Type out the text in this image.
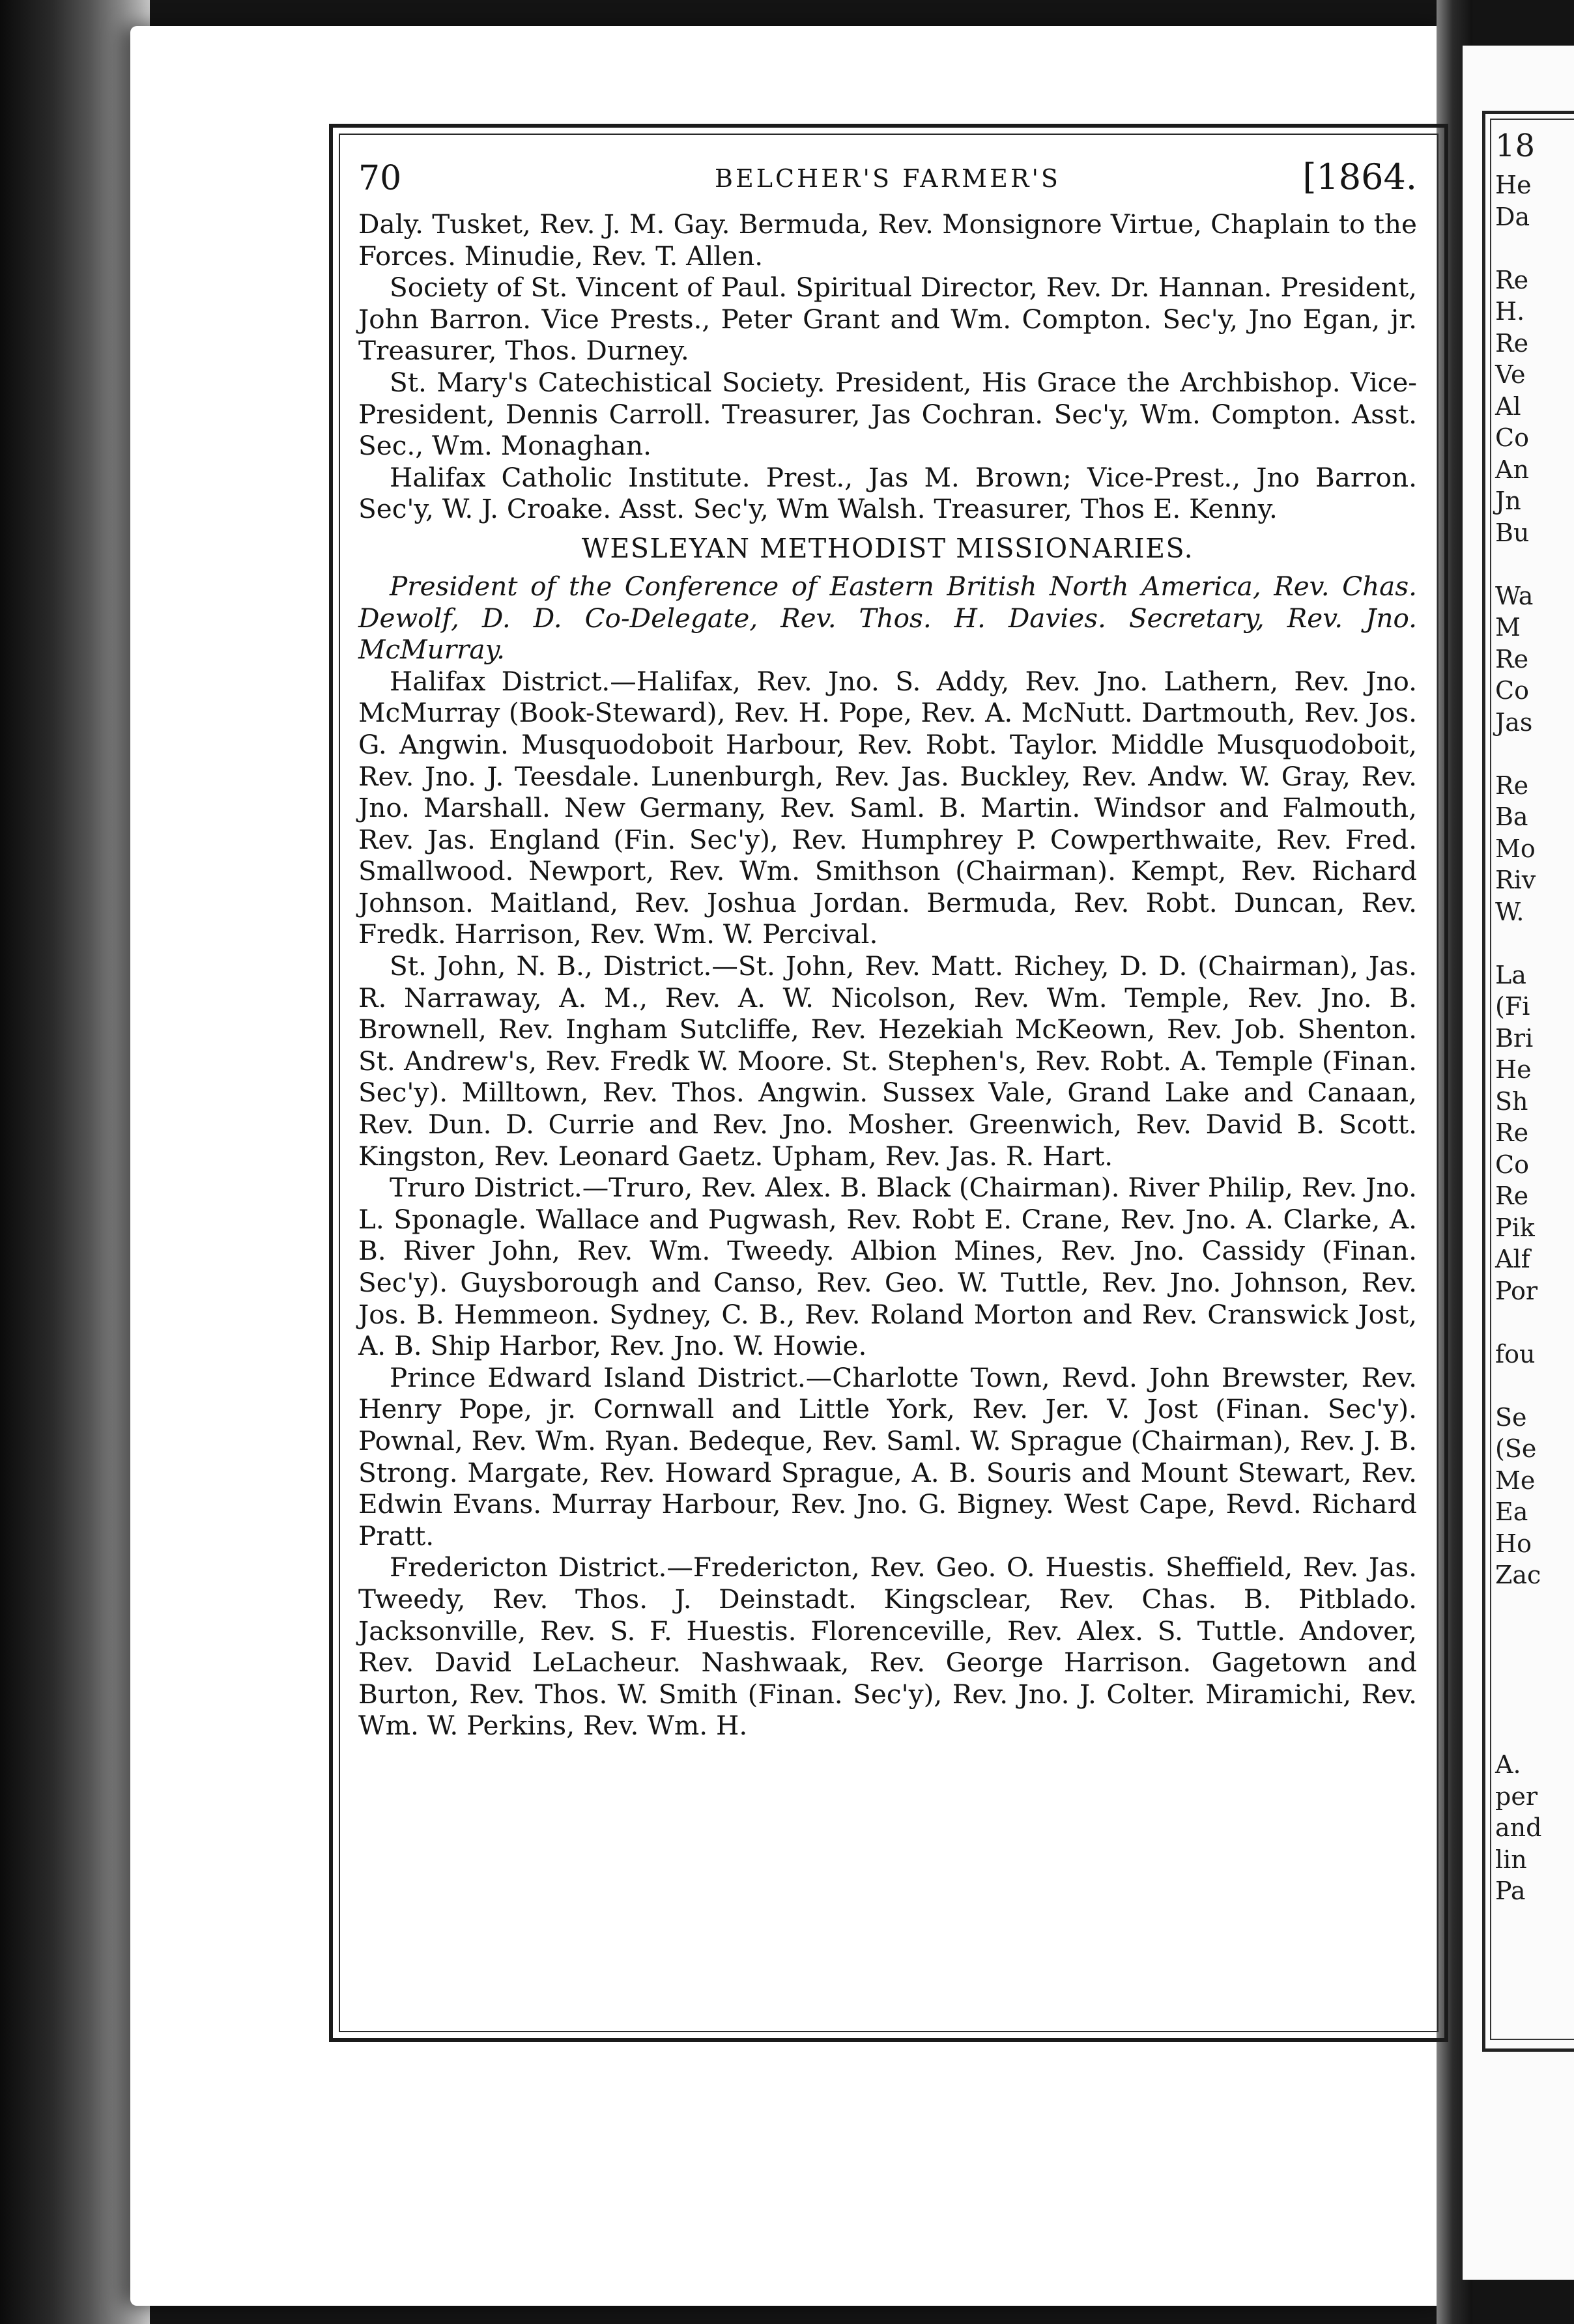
18
He
Da
Re
H.
Re
Ve
Al
Co
An
Jn
Bu
Wa
M
Re
Co
Jas
Re
Ba
Mo
Riv
W.
La
(Fi
Bri
He
Sh
Re
Co
Re
Pik
Alf
Por
fou
Se
(Se
Me
Ea
Ho
Zac
A.
per
and
lin
Pa
70	BELCHER'S FARMER'S	[1864.

Daly. Tusket, Rev. J. M. Gay. Bermuda, Rev. Monsignore Virtue, Chaplain to the Forces. Minudie, Rev. T. Allen.

Society of St. Vincent of Paul. Spiritual Director, Rev. Dr. Hannan. President, John Barron. Vice Prests., Peter Grant and Wm. Compton. Sec'y, Jno Egan, jr. Treasurer, Thos. Durney.

St. Mary's Catechistical Society. President, His Grace the Archbishop. Vice-President, Dennis Carroll. Treasurer, Jas Cochran. Sec'y, Wm. Compton. Asst. Sec., Wm. Monaghan.

Halifax Catholic Institute. Prest., Jas M. Brown; Vice-Prest., Jno Barron. Sec'y, W. J. Croake. Asst. Sec'y, Wm Walsh. Treasurer, Thos E. Kenny.

WESLEYAN METHODIST MISSIONARIES.

President of the Conference of Eastern British North America, Rev. Chas. Dewolf, D. D. Co-Delegate, Rev. Thos. H. Davies. Secretary, Rev. Jno. McMurray.

Halifax District.—Halifax, Rev. Jno. S. Addy, Rev. Jno. Lathern, Rev. Jno. McMurray (Book-Steward), Rev. H. Pope, Rev. A. McNutt. Dartmouth, Rev. Jos. G. Angwin. Musquodoboit Harbour, Rev. Robt. Taylor. Middle Musquodoboit, Rev. Jno. J. Teesdale. Lunenburgh, Rev. Jas. Buckley, Rev. Andw. W. Gray, Rev. Jno. Marshall. New Germany, Rev. Saml. B. Martin. Windsor and Falmouth, Rev. Jas. England (Fin. Sec'y), Rev. Humphrey P. Cowperthwaite, Rev. Fred. Smallwood. Newport, Rev. Wm. Smithson (Chairman). Kempt, Rev. Richard Johnson. Maitland, Rev. Joshua Jordan. Bermuda, Rev. Robt. Duncan, Rev. Fredk. Harrison, Rev. Wm. W. Percival.

St. John, N. B., District.—St. John, Rev. Matt. Richey, D. D. (Chairman), Jas. R. Narraway, A. M., Rev. A. W. Nicolson, Rev. Wm. Temple, Rev. Jno. B. Brownell, Rev. Ingham Sutcliffe, Rev. Hezekiah McKeown, Rev. Job. Shenton. St. Andrew's, Rev. Fredk W. Moore. St. Stephen's, Rev. Robt. A. Temple (Finan. Sec'y). Milltown, Rev. Thos. Angwin. Sussex Vale, Grand Lake and Canaan, Rev. Dun. D. Currie and Rev. Jno. Mosher. Greenwich, Rev. David B. Scott. Kingston, Rev. Leonard Gaetz. Upham, Rev. Jas. R. Hart.

Truro District.—Truro, Rev. Alex. B. Black (Chairman). River Philip, Rev. Jno. L. Sponagle. Wallace and Pugwash, Rev. Robt E. Crane, Rev. Jno. A. Clarke, A. B. River John, Rev. Wm. Tweedy. Albion Mines, Rev. Jno. Cassidy (Finan. Sec'y). Guysborough and Canso, Rev. Geo. W. Tuttle, Rev. Jno. Johnson, Rev. Jos. B. Hemmeon. Sydney, C. B., Rev. Roland Morton and Rev. Cranswick Jost, A. B. Ship Harbor, Rev. Jno. W. Howie.

Prince Edward Island District.—Charlotte Town, Revd. John Brewster, Rev. Henry Pope, jr. Cornwall and Little York, Rev. Jer. V. Jost (Finan. Sec'y). Pownal, Rev. Wm. Ryan. Bedeque, Rev. Saml. W. Sprague (Chairman), Rev. J. B. Strong. Margate, Rev. Howard Sprague, A. B. Souris and Mount Stewart, Rev. Edwin Evans. Murray Harbour, Rev. Jno. G. Bigney. West Cape, Revd. Richard Pratt.

Fredericton District.—Fredericton, Rev. Geo. O. Huestis. Sheffield, Rev. Jas. Tweedy, Rev. Thos. J. Deinstadt. Kingsclear, Rev. Chas. B. Pitblado. Jacksonville, Rev. S. F. Huestis. Florenceville, Rev. Alex. S. Tuttle. Andover, Rev. David LeLacheur. Nashwaak, Rev. George Harrison. Gagetown and Burton, Rev. Thos. W. Smith (Finan. Sec'y), Rev. Jno. J. Colter. Miramichi, Rev. Wm. W. Perkins, Rev. Wm. H.
